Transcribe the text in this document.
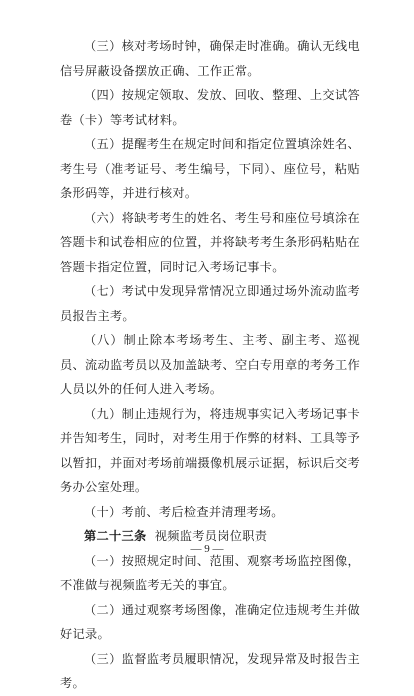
（三）核对考场时钟，确保走时准确。确认无线电信号屏蔽设备摆放正确、工作正常。

（四）按规定领取、发放、回收、整理、上交试答卷（卡）等考试材料。

（五）提醒考生在规定时间和指定位置填涂姓名、考生号（准考证号、考生编号，下同）、座位号，粘贴条形码等，并进行核对。

（六）将缺考考生的姓名、考生号和座位号填涂在答题卡和试卷相应的位置，并将缺考考生条形码粘贴在答题卡指定位置，同时记入考场记事卡。

（七）考试中发现异常情况立即通过场外流动监考员报告主考。

（八）制止除本考场考生、主考、副主考、巡视员、流动监考员以及加盖缺考、空白专用章的考务工作人员以外的任何人进入考场。

（九）制止违规行为，将违规事实记入考场记事卡并告知考生，同时，对考生用于作弊的材料、工具等予以暂扣，并面对考场前端摄像机展示证据，标识后交考务办公室处理。

（十）考前、考后检查并清理考场。

第二十三条 视频监考员岗位职责

（一）按照规定时间、范围、观察考场监控图像，不准做与视频监考无关的事宜。

（二）通过观察考场图像，准确定位违规考生并做好记录。

（三）监督监考员履职情况，发现异常及时报告主考。

— 9 —
